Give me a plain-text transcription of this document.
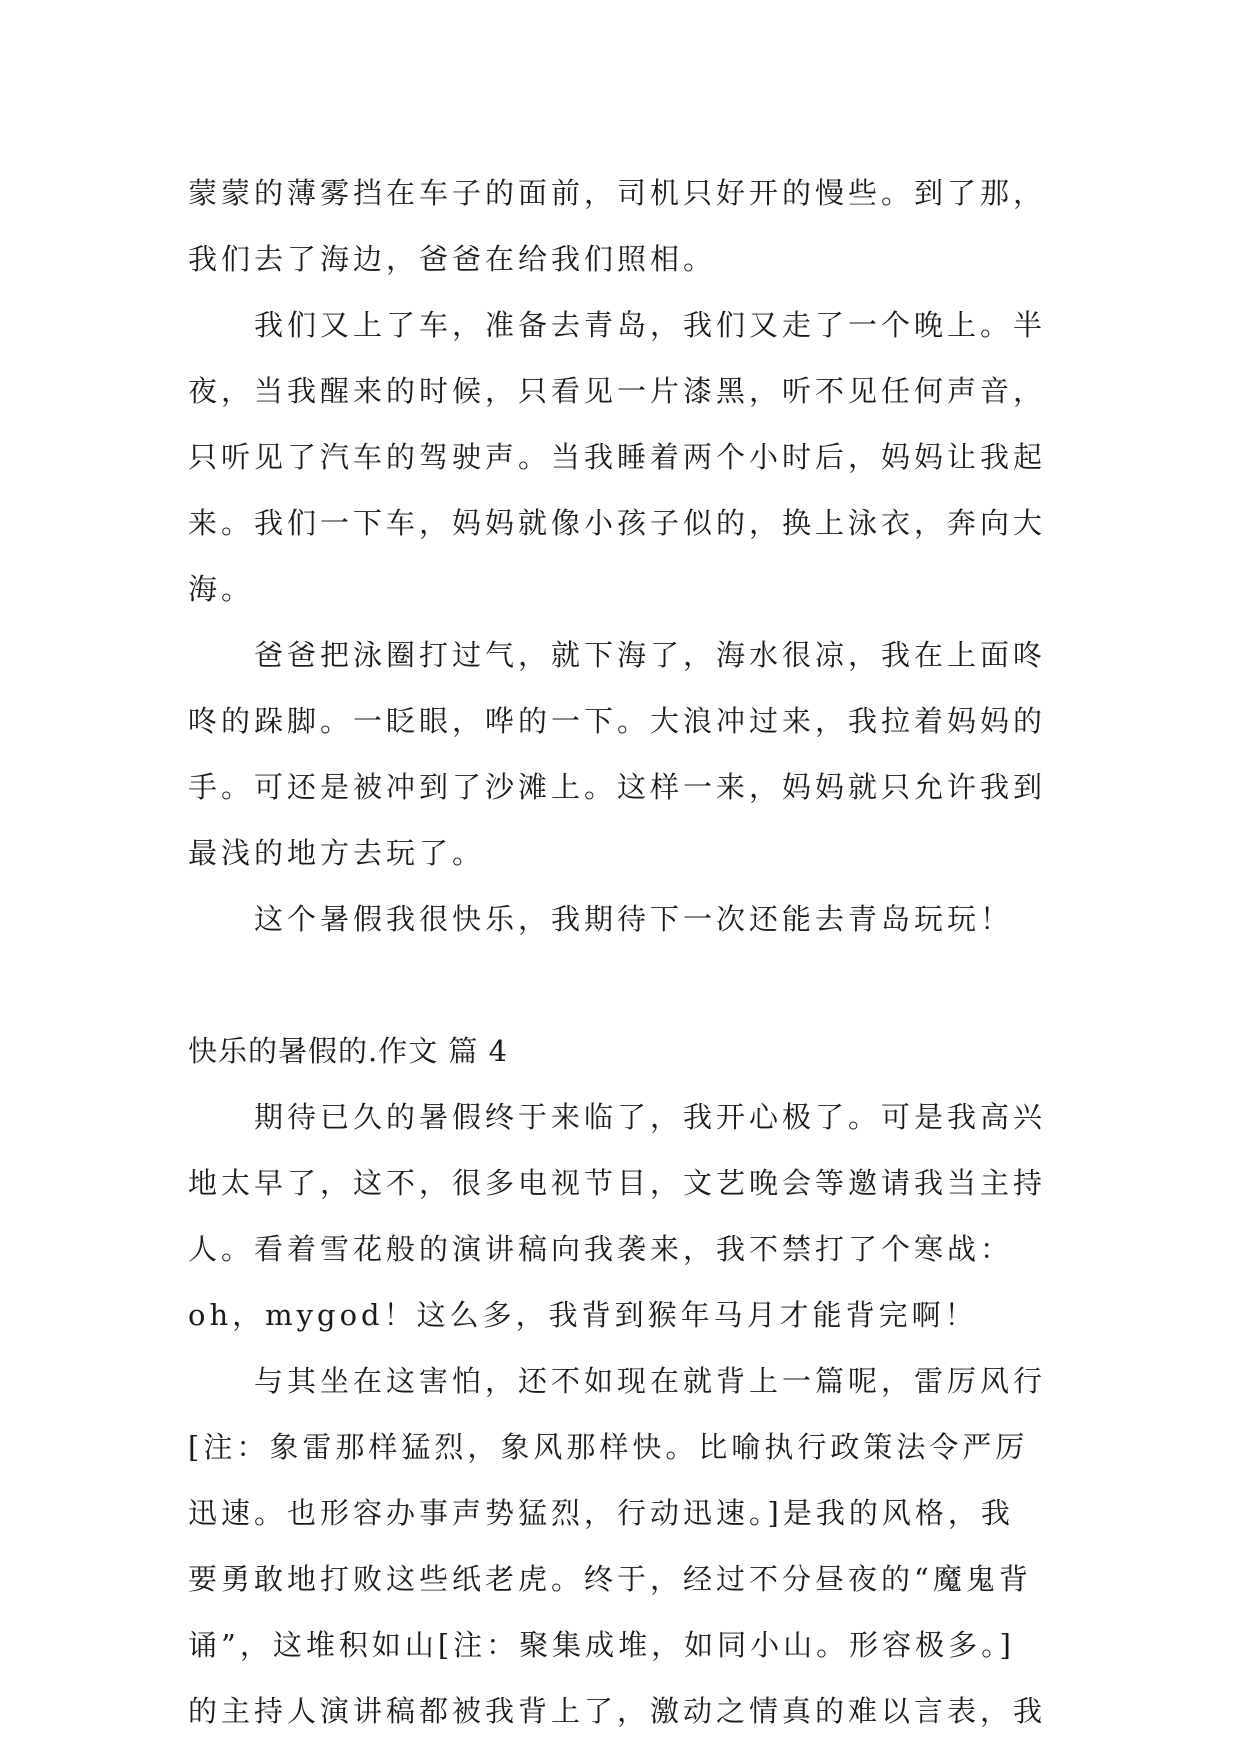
蒙蒙的薄雾挡在车子的面前，司机只好开的慢些。到了那，
我们去了海边，爸爸在给我们照相。
我们又上了车，准备去青岛，我们又走了一个晚上。半
夜，当我醒来的时候，只看见一片漆黑，听不见任何声音，
只听见了汽车的驾驶声。当我睡着两个小时后，妈妈让我起
来。我们一下车，妈妈就像小孩子似的，换上泳衣，奔向大
海。
爸爸把泳圈打过气，就下海了，海水很凉，我在上面咚
咚的跺脚。一眨眼，哗的一下。大浪冲过来，我拉着妈妈的
手。可还是被冲到了沙滩上。这样一来，妈妈就只允许我到
最浅的地方去玩了。
这个暑假我很快乐，我期待下一次还能去青岛玩玩！
快乐的暑假的.作文 篇 4
期待已久的暑假终于来临了，我开心极了。可是我高兴
地太早了，这不，很多电视节目，文艺晚会等邀请我当主持
人。看着雪花般的演讲稿向我袭来，我不禁打了个寒战：
oh，mygod！这么多，我背到猴年马月才能背完啊！
与其坐在这害怕，还不如现在就背上一篇呢，雷厉风行
[注：象雷那样猛烈，象风那样快。比喻执行政策法令严厉
迅速。也形容办事声势猛烈，行动迅速。]是我的风格，我
要勇敢地打败这些纸老虎。终于，经过不分昼夜的“魔鬼背
诵”，这堆积如山[注：聚集成堆，如同小山。形容极多。]
的主持人演讲稿都被我背上了，激动之情真的难以言表，我
